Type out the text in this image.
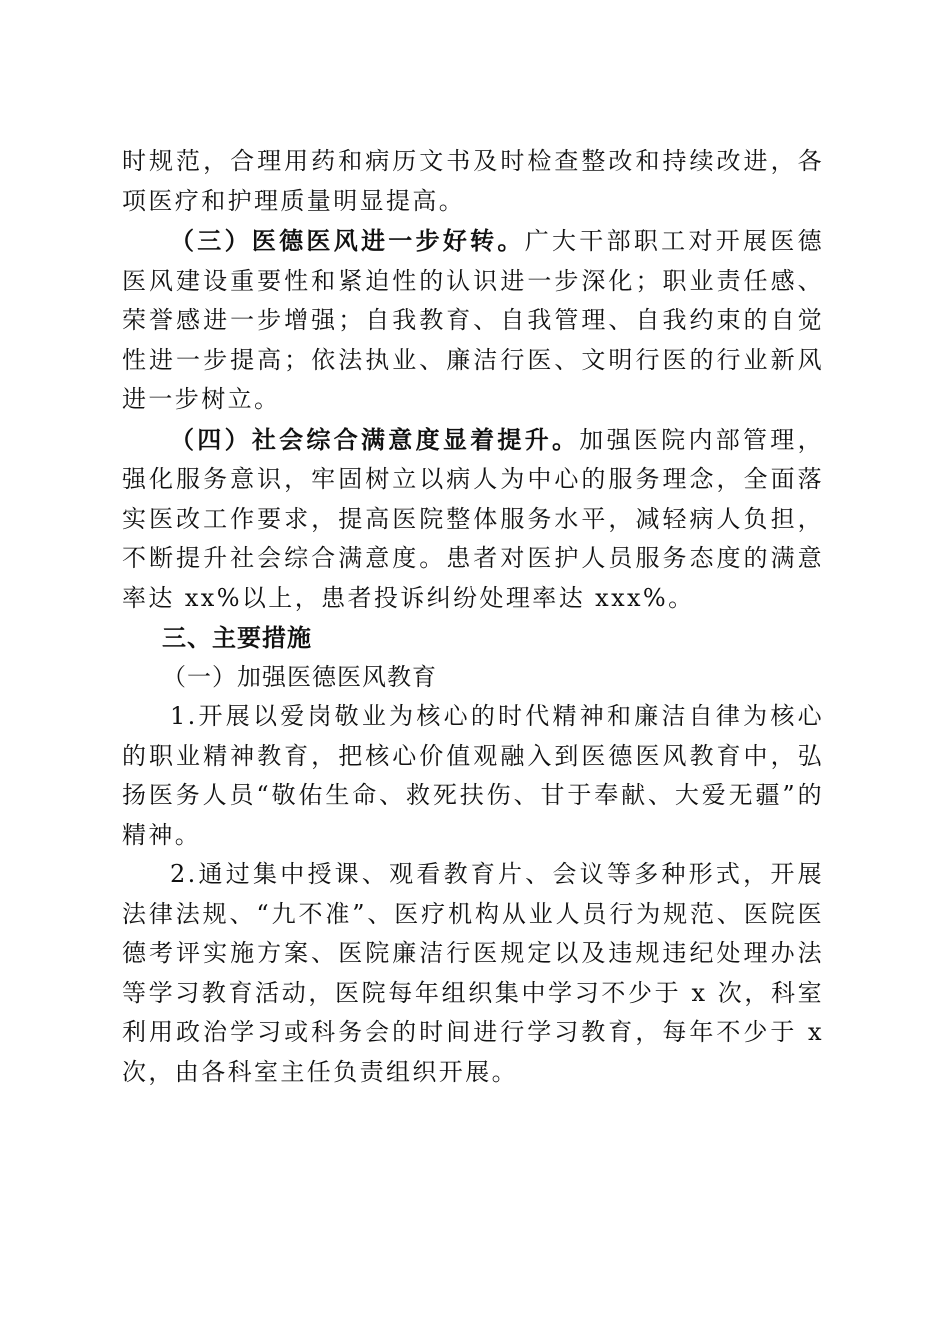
时规范，合理用药和病历文书及时检查整改和持续改进，各项医疗和护理质量明显提高。

（三）医德医风进一步好转。广大干部职工对开展医德医风建设重要性和紧迫性的认识进一步深化；职业责任感、荣誉感进一步增强；自我教育、自我管理、自我约束的自觉性进一步提高；依法执业、廉洁行医、文明行医的行业新风进一步树立。

（四）社会综合满意度显着提升。加强医院内部管理，强化服务意识，牢固树立以病人为中心的服务理念，全面落实医改工作要求，提高医院整体服务水平，减轻病人负担，不断提升社会综合满意度。患者对医护人员服务态度的满意率达 xx%以上，患者投诉纠纷处理率达 xxx%。

三、主要措施

（一）加强医德医风教育

1.开展以爱岗敬业为核心的时代精神和廉洁自律为核心的职业精神教育，把核心价值观融入到医德医风教育中，弘扬医务人员“敬佑生命、救死扶伤、甘于奉献、大爱无疆”的精神。

2.通过集中授课、观看教育片、会议等多种形式，开展法律法规、“九不准”、医疗机构从业人员行为规范、医院医德考评实施方案、医院廉洁行医规定以及违规违纪处理办法等学习教育活动，医院每年组织集中学习不少于 x 次，科室利用政治学习或科务会的时间进行学习教育，每年不少于 x 次，由各科室主任负责组织开展。
